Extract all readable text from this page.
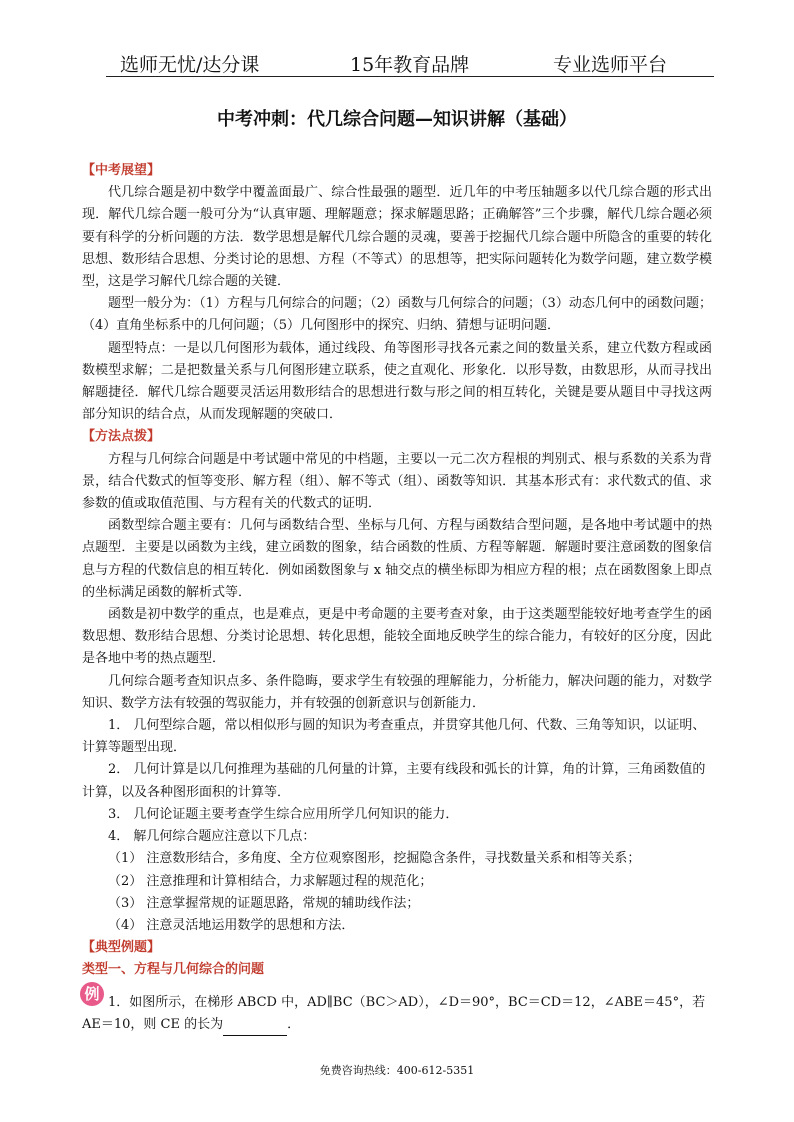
选师无忧/达分课	15年教育品牌	专业选师平台
中考冲刺：代几综合问题—知识讲解（基础）
【中考展望】
代几综合题是初中数学中覆盖面最广、综合性最强的题型．近几年的中考压轴题多以代几综合题的形式出现．解代几综合题一般可分为“认真审题、理解题意；探求解题思路；正确解答”三个步骤，解代几综合题必须要有科学的分析问题的方法．数学思想是解代几综合题的灵魂，要善于挖掘代几综合题中所隐含的重要的转化思想、数形结合思想、分类讨论的思想、方程（不等式）的思想等，把实际问题转化为数学问题，建立数学模型，这是学习解代几综合题的关键．
题型一般分为：（1）方程与几何综合的问题；（2）函数与几何综合的问题；（3）动态几何中的函数问题；（4）直角坐标系中的几何问题；（5）几何图形中的探究、归纳、猜想与证明问题．
题型特点：一是以几何图形为载体，通过线段、角等图形寻找各元素之间的数量关系，建立代数方程或函数模型求解；二是把数量关系与几何图形建立联系，使之直观化、形象化．以形导数，由数思形，从而寻找出解题捷径．解代几综合题要灵活运用数形结合的思想进行数与形之间的相互转化，关键是要从题目中寻找这两部分知识的结合点，从而发现解题的突破口．
【方法点拨】
方程与几何综合问题是中考试题中常见的中档题，主要以一元二次方程根的判别式、根与系数的关系为背景，结合代数式的恒等变形、解方程（组）、解不等式（组）、函数等知识．其基本形式有：求代数式的值、求参数的值或取值范围、与方程有关的代数式的证明．
函数型综合题主要有：几何与函数结合型、坐标与几何、方程与函数结合型问题，是各地中考试题中的热点题型．主要是以函数为主线，建立函数的图象，结合函数的性质、方程等解题．解题时要注意函数的图象信息与方程的代数信息的相互转化．例如函数图象与 x 轴交点的横坐标即为相应方程的根；点在函数图象上即点的坐标满足函数的解析式等．
函数是初中数学的重点，也是难点，更是中考命题的主要考查对象，由于这类题型能较好地考查学生的函数思想、数形结合思想、分类讨论思想、转化思想，能较全面地反映学生的综合能力，有较好的区分度，因此是各地中考的热点题型．
几何综合题考查知识点多、条件隐晦，要求学生有较强的理解能力，分析能力，解决问题的能力，对数学知识、数学方法有较强的驾驭能力，并有较强的创新意识与创新能力．
1． 几何型综合题，常以相似形与圆的知识为考查重点，并贯穿其他几何、代数、三角等知识，以证明、计算等题型出现．
2． 几何计算是以几何推理为基础的几何量的计算，主要有线段和弧长的计算，角的计算，三角函数值的计算，以及各种图形面积的计算等．
3． 几何论证题主要考查学生综合应用所学几何知识的能力．
4． 解几何综合题应注意以下几点：
（1） 注意数形结合，多角度、全方位观察图形，挖掘隐含条件，寻找数量关系和相等关系；
（2） 注意推理和计算相结合，力求解题过程的规范化；
（3） 注意掌握常规的证题思路，常规的辅助线作法；
（4） 注意灵活地运用数学的思想和方法．
【典型例题】
类型一、方程与几何综合的问题
例 1．如图所示，在梯形 ABCD 中，AD∥BC（BC＞AD），∠D＝90°，BC＝CD＝12，∠ABE＝45°，若 AE＝10，则 CE 的长为	．
免费咨询热线：400-612-5351
